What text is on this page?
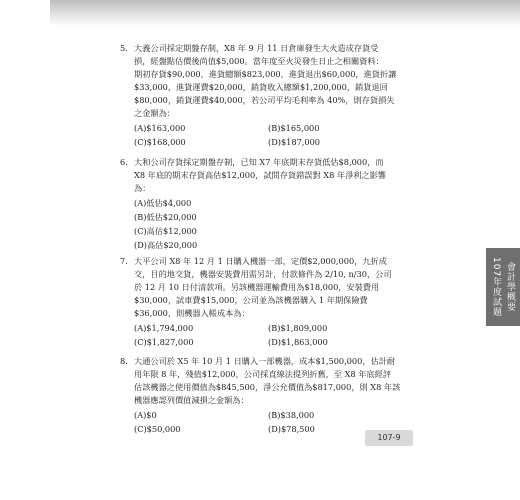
5. 大義公司採定期盤存制，X8 年 9 月 11 日倉庫發生大火造成存貨受
損，經盤點估價後尚值$5,000。當年度至火災發生日止之相關資料：
期初存貨$90,000，進貨總額$823,000，進貨退出$60,000，進貨折讓
$33,000，進貨運費$20,000，銷貨收入總額$1,200,000，銷貨退回
$80,000，銷貨運費$40,000，若公司平均毛利率為 40%，則存貨損失
之金額為：
(A)$163,000	(B)$165,000
(C)$168,000	(D)$187,000
6. 大和公司存貨採定期盤存制，已知 X7 年底期末存貨低估$8,000，而
X8 年底的期末存貨高估$12,000，試問存貨錯誤對 X8 年淨利之影響
為：
(A)低估$4,000
(B)低估$20,000
(C)高估$12,000
(D)高估$20,000
7. 大平公司 X8 年 12 月 1 日購入機器一部，定價$2,000,000，九折成
交，目的地交貨，機器安裝費用需另計，付款條件為 2/10, n/30，公司
於 12 月 10 日付清款項。另該機器運輸費用為$18,000，安裝費用
$30,000，試車費$15,000，公司並為該機器購入 1 年期保險費
$36,000，則機器入帳成本為：
(A)$1,794,000	(B)$1,809,000
(C)$1,827,000	(D)$1,863,000
8. 大通公司於 X5 年 10 月 1 日購入一部機器，成本$1,500,000，估計耐
用年限 8 年，殘值$12,000，公司採直線法提列折舊，至 X8 年底經評
估該機器之使用價值為$845,500，淨公允價值為$817,000，則 X8 年該
機器應認列價值減損之金額為：
(A)$0	(B)$38,000
(C)$50,000	(D)$78,500
會計學概要
107年度試題
107-9
